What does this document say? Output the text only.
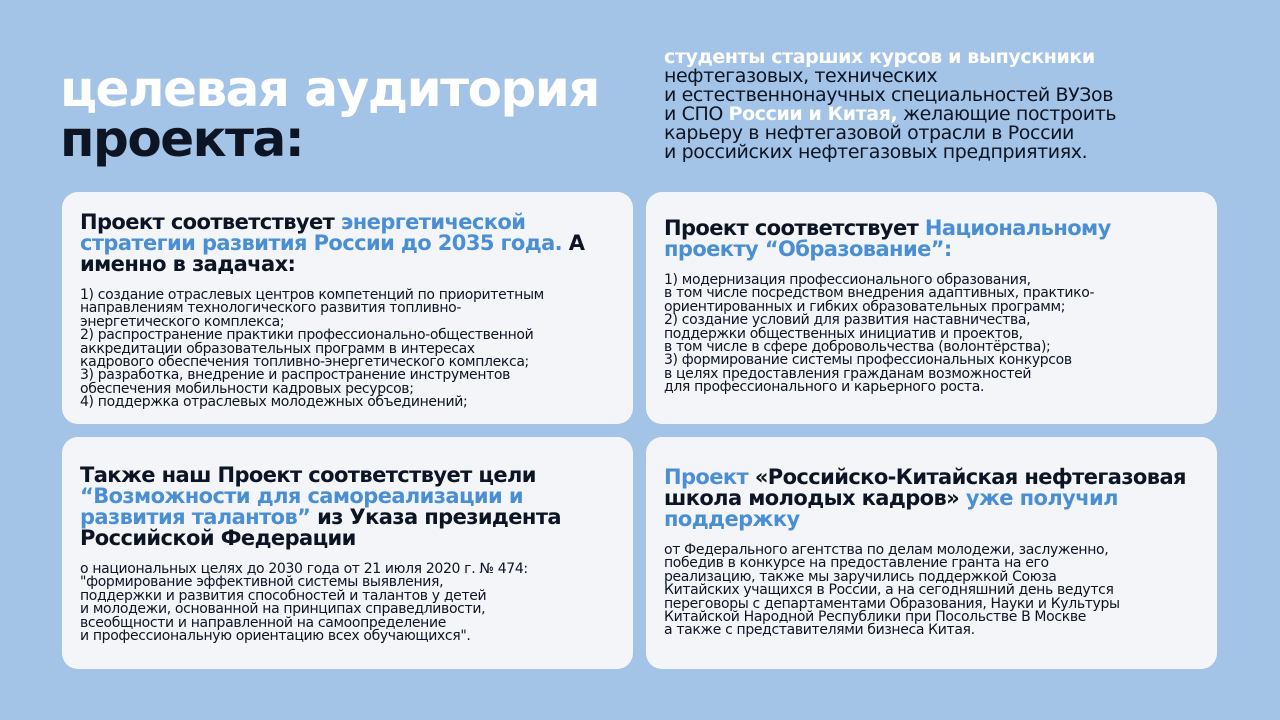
целевая аудитория
проекта:
студенты старших курсов и выпускники
нефтегазовых, технических
и естественнонаучных специальностей ВУЗов
и СПО России и Китая, желающие построить
карьеру в нефтегазовой отрасли в России
и российских нефтегазовых предприятиях.
Проект соответствует энергетической стратегии развития России до 2035 года. А именно в задачах:
1) создание отраслевых центров компетенций по приоритетным
направлениям технологического развития топливно-
энергетического комплекса;
2) распространение практики профессионально-общественной
аккредитации образовательных программ в интересах
кадрового обеспечения топливно-энергетического комплекса;
3) разработка, внедрение и распространение инструментов
обеспечения мобильности кадровых ресурсов;
4) поддержка отраслевых молодежных объединений;
Проект соответствует Национальному проекту “Образование”:
1) модернизация профессионального образования,
в том числе посредством внедрения адаптивных, практико-
ориентированных и гибких образовательных программ;
2) создание условий для развития наставничества,
поддержки общественных инициатив и проектов,
в том числе в сфере добровольчества (волонтёрства);
3) формирование системы профессиональных конкурсов
в целях предоставления гражданам возможностей
для профессионального и карьерного роста.
Также наш Проект соответствует цели “Возможности для самореализации и развития талантов” из Указа президента Российской Федерации
о национальных целях до 2030 года от 21 июля 2020 г. № 474:
"формирование эффективной системы выявления,
поддержки и развития способностей и талантов у детей
и молодежи, основанной на принципах справедливости,
всеобщности и направленной на самоопределение
и профессиональную ориентацию всех обучающихся".
Проект «Российско-Китайская нефтегазовая школа молодых кадров» уже получил поддержку
от Федерального агентства по делам молодежи, заслуженно,
победив в конкурсе на предоставление гранта на его
реализацию, также мы заручились поддержкой Союза
Китайских учащихся в России, а на сегодняшний день ведутся
переговоры с департаментами Образования, Науки и Культуры
Китайской Народной Республики при Посольстве В Москве
а также с представителями бизнеса Китая.
